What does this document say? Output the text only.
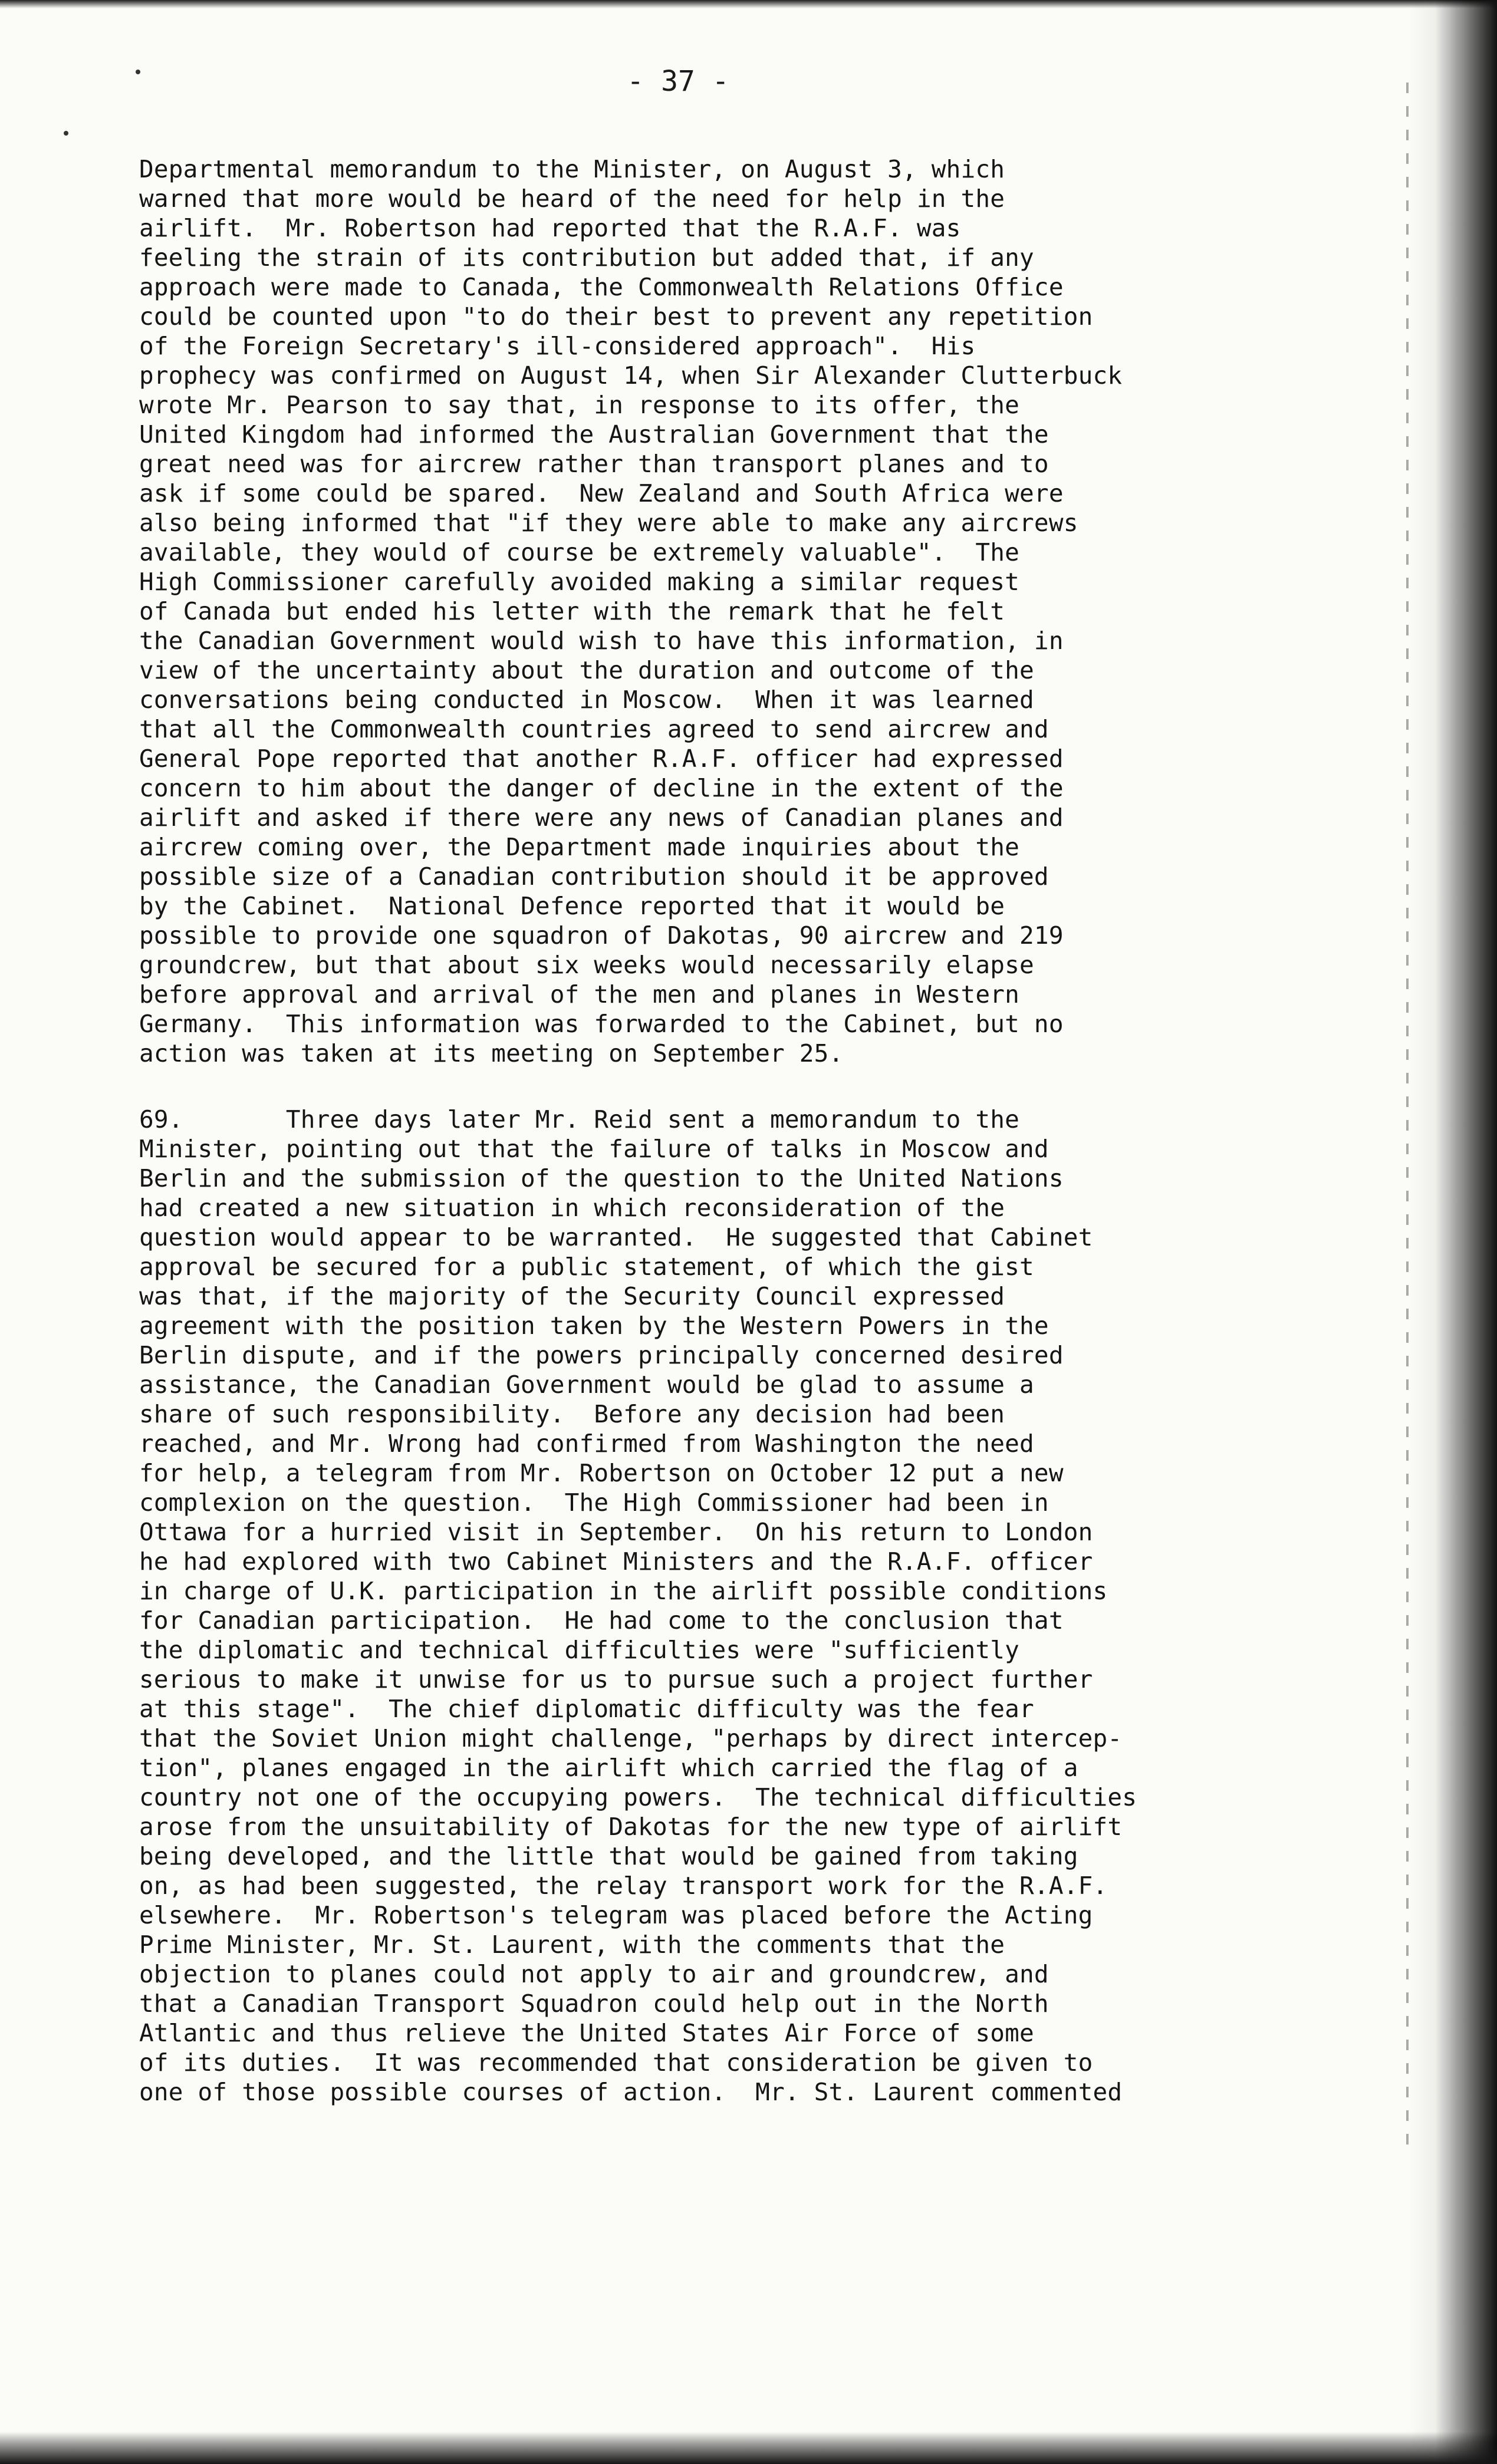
- 37 -

Departmental memorandum to the Minister, on August 3, which
warned that more would be heard of the need for help in the
airlift.  Mr. Robertson had reported that the R.A.F. was
feeling the strain of its contribution but added that, if any
approach were made to Canada, the Commonwealth Relations Office
could be counted upon "to do their best to prevent any repetition
of the Foreign Secretary's ill-considered approach".  His
prophecy was confirmed on August 14, when Sir Alexander Clutterbuck
wrote Mr. Pearson to say that, in response to its offer, the
United Kingdom had informed the Australian Government that the
great need was for aircrew rather than transport planes and to
ask if some could be spared.  New Zealand and South Africa were
also being informed that "if they were able to make any aircrews
available, they would of course be extremely valuable".  The
High Commissioner carefully avoided making a similar request
of Canada but ended his letter with the remark that he felt
the Canadian Government would wish to have this information, in
view of the uncertainty about the duration and outcome of the
conversations being conducted in Moscow.  When it was learned
that all the Commonwealth countries agreed to send aircrew and
General Pope reported that another R.A.F. officer had expressed
concern to him about the danger of decline in the extent of the
airlift and asked if there were any news of Canadian planes and
aircrew coming over, the Department made inquiries about the
possible size of a Canadian contribution should it be approved
by the Cabinet.  National Defence reported that it would be
possible to provide one squadron of Dakotas, 90 aircrew and 219
groundcrew, but that about six weeks would necessarily elapse
before approval and arrival of the men and planes in Western
Germany.  This information was forwarded to the Cabinet, but no
action was taken at its meeting on September 25.

69.       Three days later Mr. Reid sent a memorandum to the
Minister, pointing out that the failure of talks in Moscow and
Berlin and the submission of the question to the United Nations
had created a new situation in which reconsideration of the
question would appear to be warranted.  He suggested that Cabinet
approval be secured for a public statement, of which the gist
was that, if the majority of the Security Council expressed
agreement with the position taken by the Western Powers in the
Berlin dispute, and if the powers principally concerned desired
assistance, the Canadian Government would be glad to assume a
share of such responsibility.  Before any decision had been
reached, and Mr. Wrong had confirmed from Washington the need
for help, a telegram from Mr. Robertson on October 12 put a new
complexion on the question.  The High Commissioner had been in
Ottawa for a hurried visit in September.  On his return to London
he had explored with two Cabinet Ministers and the R.A.F. officer
in charge of U.K. participation in the airlift possible conditions
for Canadian participation.  He had come to the conclusion that
the diplomatic and technical difficulties were "sufficiently
serious to make it unwise for us to pursue such a project further
at this stage".  The chief diplomatic difficulty was the fear
that the Soviet Union might challenge, "perhaps by direct intercep-
tion", planes engaged in the airlift which carried the flag of a
country not one of the occupying powers.  The technical difficulties
arose from the unsuitability of Dakotas for the new type of airlift
being developed, and the little that would be gained from taking
on, as had been suggested, the relay transport work for the R.A.F.
elsewhere.  Mr. Robertson's telegram was placed before the Acting
Prime Minister, Mr. St. Laurent, with the comments that the
objection to planes could not apply to air and groundcrew, and
that a Canadian Transport Squadron could help out in the North
Atlantic and thus relieve the United States Air Force of some
of its duties.  It was recommended that consideration be given to
one of those possible courses of action.  Mr. St. Laurent commented
